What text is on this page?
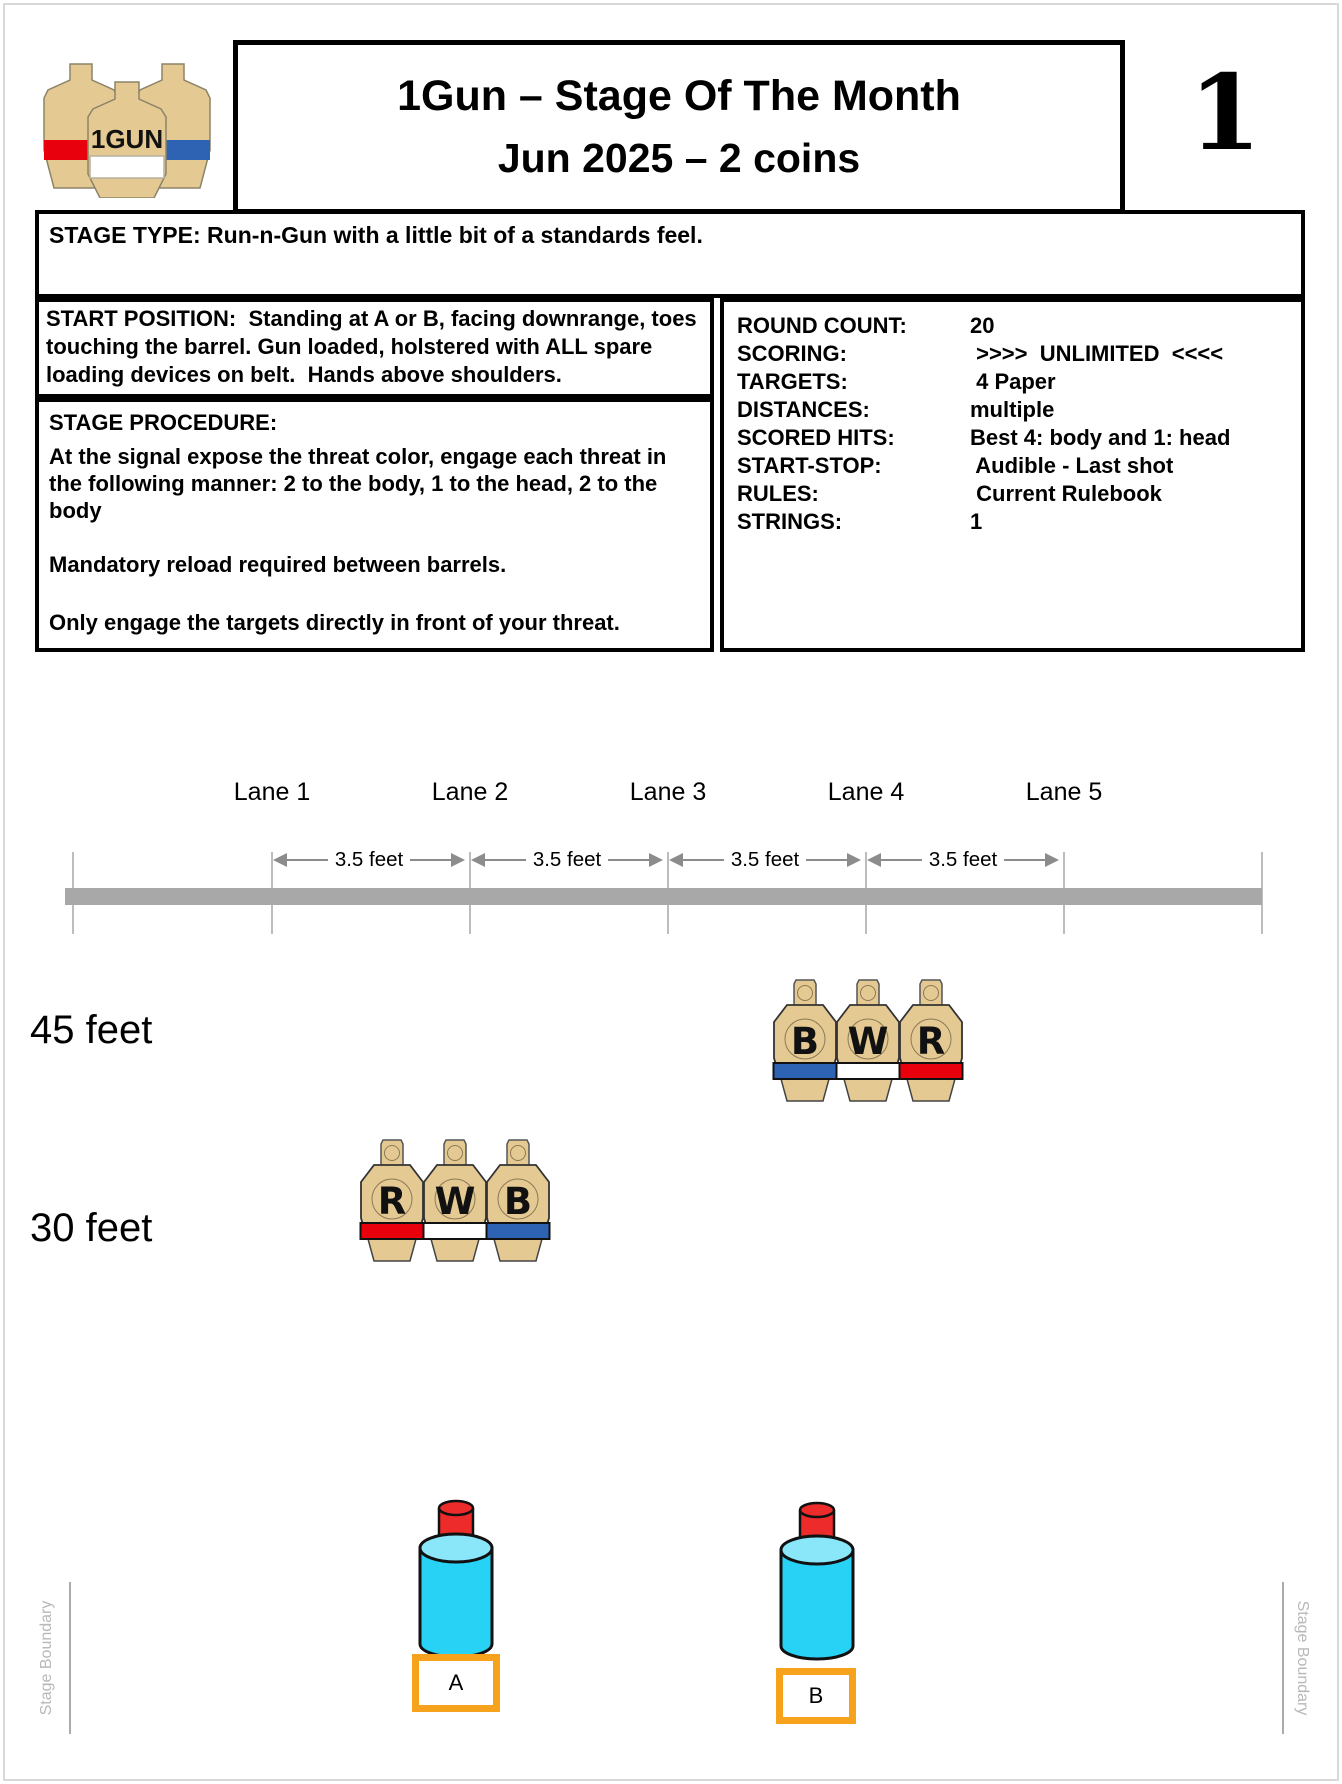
1GUN
1Gun – Stage Of The Month
Jun 2025 – 2 coins	1
STAGE TYPE: Run-n-Gun with a little bit of a standards feel.
START POSITION:  Standing at A or B, facing downrange, toes touching the barrel. Gun loaded, holstered with ALL spare loading devices on belt.  Hands above shoulders.
STAGE PROCEDURE:
At the signal expose the threat color, engage each threat in the following manner: 2 to the body, 1 to the head, 2 to the body
Mandatory reload required between barrels.
Only engage the targets directly in front of your threat.
ROUND COUNT:	20
SCORING:	>>>>  UNLIMITED  <<<<
TARGETS:	4 Paper
DISTANCES:	multiple
SCORED HITS:	Best 4: body and 1: head
START-STOP:	Audible - Last shot
RULES:	Current Rulebook
STRINGS:	1
Lane 1	Lane 2	Lane 3	Lane 4	Lane 5
3.5 feet	3.5 feet	3.5 feet	3.5 feet
45 feet
30 feet
B W R
R W B
A
B
Stage Boundary	Stage Boundary
